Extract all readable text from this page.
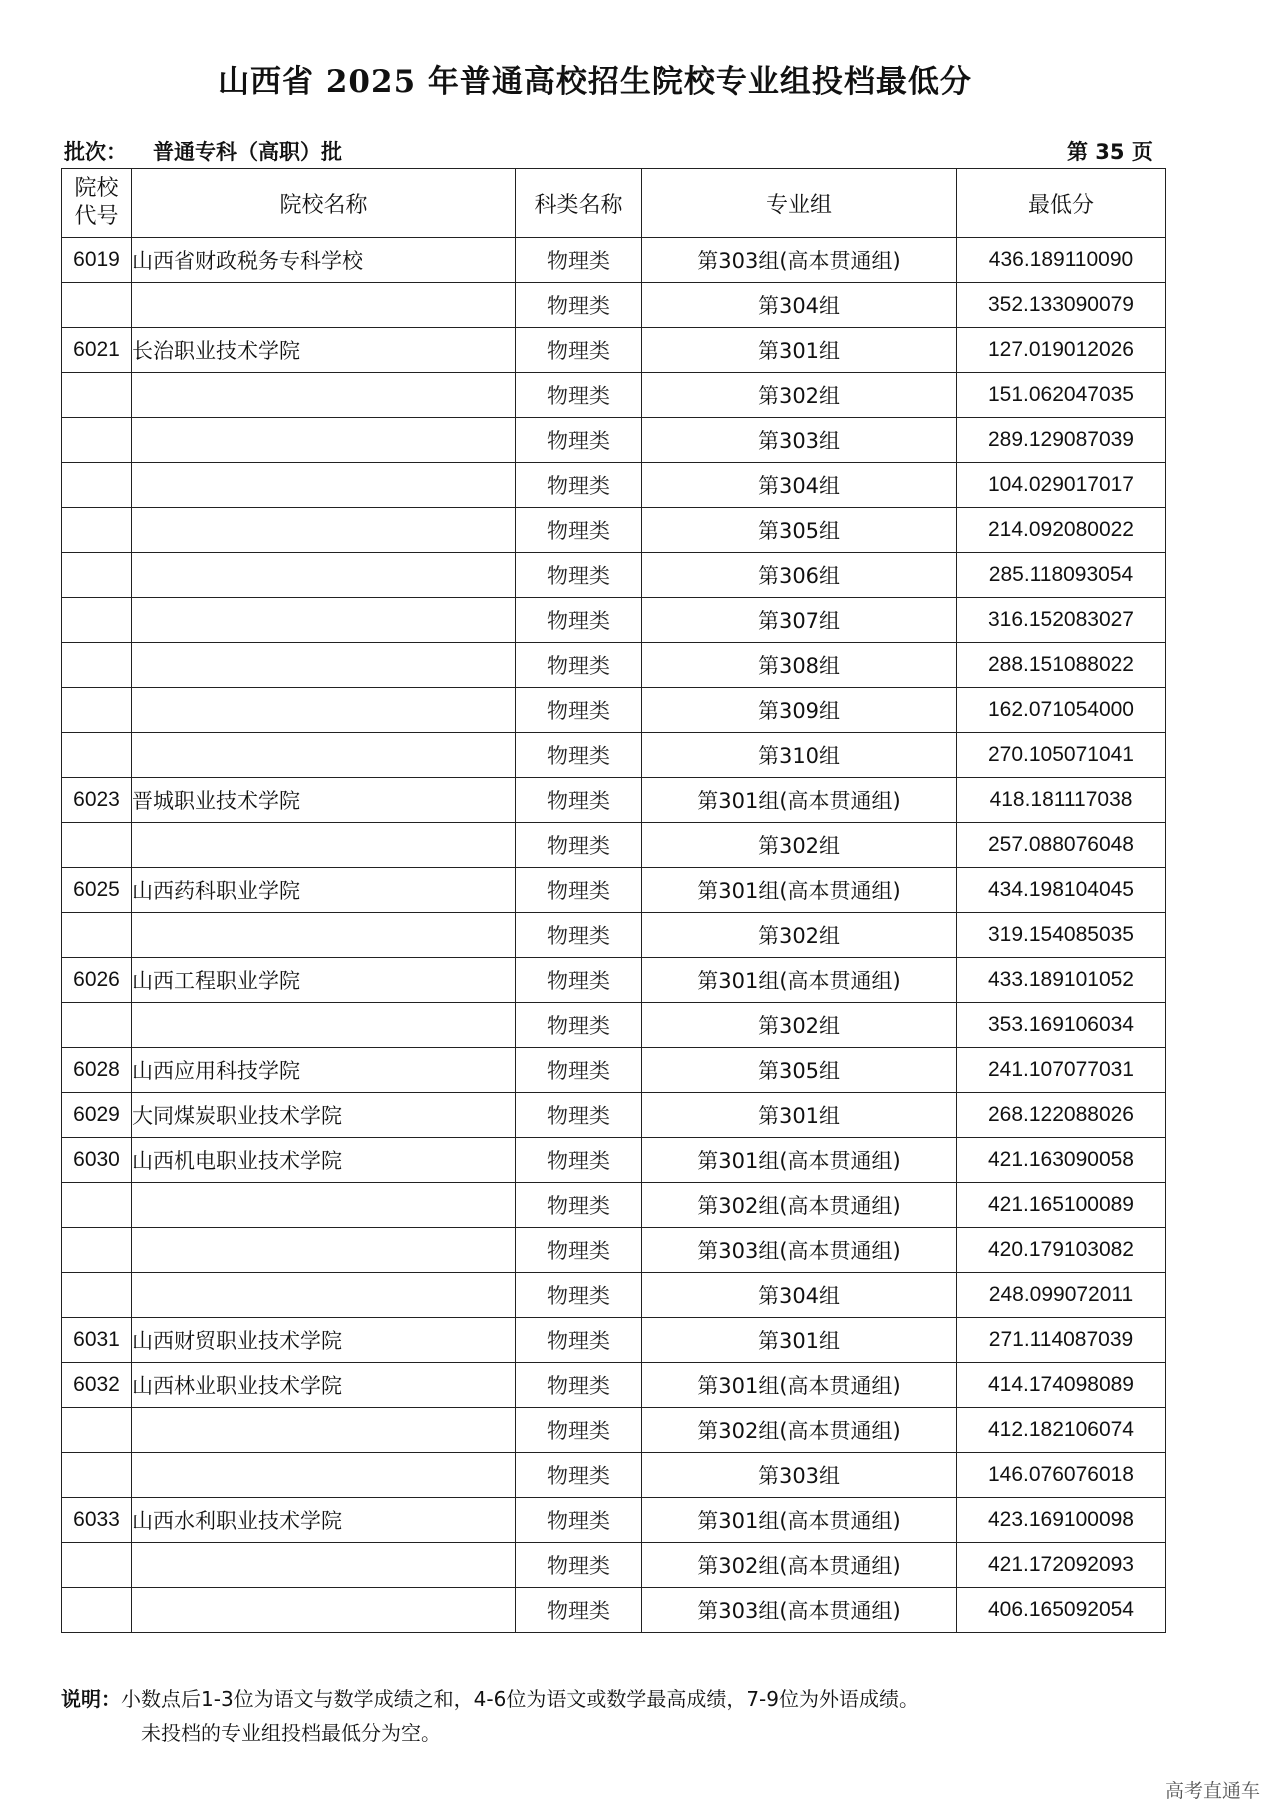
山西省 2025 年普通高校招生院校专业组投档最低分
批次： 普通专科（高职）批	第 35 页
院校
代号	院校名称	科类名称	专业组	最低分
6019	山西省财政税务专科学校	物理类	第303组(高本贯通组)	436.189110090
		物理类	第304组	352.133090079
6021	长治职业技术学院	物理类	第301组	127.019012026
		物理类	第302组	151.062047035
		物理类	第303组	289.129087039
		物理类	第304组	104.029017017
		物理类	第305组	214.092080022
		物理类	第306组	285.118093054
		物理类	第307组	316.152083027
		物理类	第308组	288.151088022
		物理类	第309组	162.071054000
		物理类	第310组	270.105071041
6023	晋城职业技术学院	物理类	第301组(高本贯通组)	418.181117038
		物理类	第302组	257.088076048
6025	山西药科职业学院	物理类	第301组(高本贯通组)	434.198104045
		物理类	第302组	319.154085035
6026	山西工程职业学院	物理类	第301组(高本贯通组)	433.189101052
		物理类	第302组	353.169106034
6028	山西应用科技学院	物理类	第305组	241.107077031
6029	大同煤炭职业技术学院	物理类	第301组	268.122088026
6030	山西机电职业技术学院	物理类	第301组(高本贯通组)	421.163090058
		物理类	第302组(高本贯通组)	421.165100089
		物理类	第303组(高本贯通组)	420.179103082
		物理类	第304组	248.099072011
6031	山西财贸职业技术学院	物理类	第301组	271.114087039
6032	山西林业职业技术学院	物理类	第301组(高本贯通组)	414.174098089
		物理类	第302组(高本贯通组)	412.182106074
		物理类	第303组	146.076076018
6033	山西水利职业技术学院	物理类	第301组(高本贯通组)	423.169100098
		物理类	第302组(高本贯通组)	421.172092093
		物理类	第303组(高本贯通组)	406.165092054
说明：小数点后1-3位为语文与数学成绩之和，4-6位为语文或数学最高成绩，7-9位为外语成绩。
未投档的专业组投档最低分为空。
高考直通车
